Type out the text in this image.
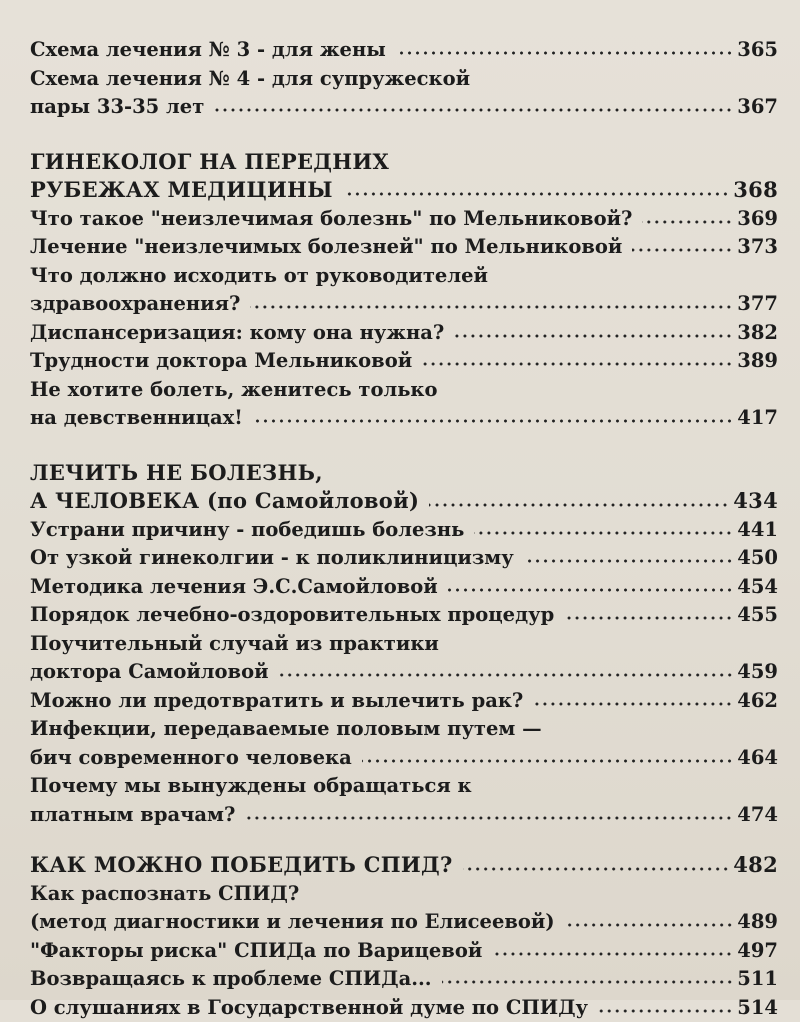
Схема лечения № 3 - для жены	365
Схема лечения № 4 - для супружеской
пары 33-35 лет	367
ГИНЕКОЛОГ НА ПЕРЕДНИХ
РУБЕЖАХ МЕДИЦИНЫ	368
Что такое "неизлечимая болезнь" по Мельниковой?	369
Лечение "неизлечимых болезней" по Мельниковой	373
Что должно исходить от руководителей
здравоохранения?	377
Диспансеризация: кому она нужна?	382
Трудности доктора Мельниковой	389
Не хотите болеть, женитесь только
на девственницах!	417
ЛЕЧИТЬ НЕ БОЛЕЗНЬ,
А ЧЕЛОВЕКА (по Самойловой)	434
Устрани причину - победишь болезнь	441
От узкой гинеколгии - к поликлиницизму	450
Методика лечения Э.С.Самойловой	454
Порядок лечебно-оздоровительных процедур	455
Поучительный случай из практики
доктора Самойловой	459
Можно ли предотвратить и вылечить рак?	462
Инфекции, передаваемые половым путем —
бич современного человека	464
Почему мы вынуждены обращаться к
платным врачам?	474
КАК МОЖНО ПОБЕДИТЬ СПИД?	482
Как распознать СПИД?
(метод диагностики и лечения по Елисеевой)	489
"Факторы риска" СПИДа по Варицевой	497
Возвращаясь к проблеме СПИДа...	511
О слушаниях в Государственной думе по СПИДу	514
